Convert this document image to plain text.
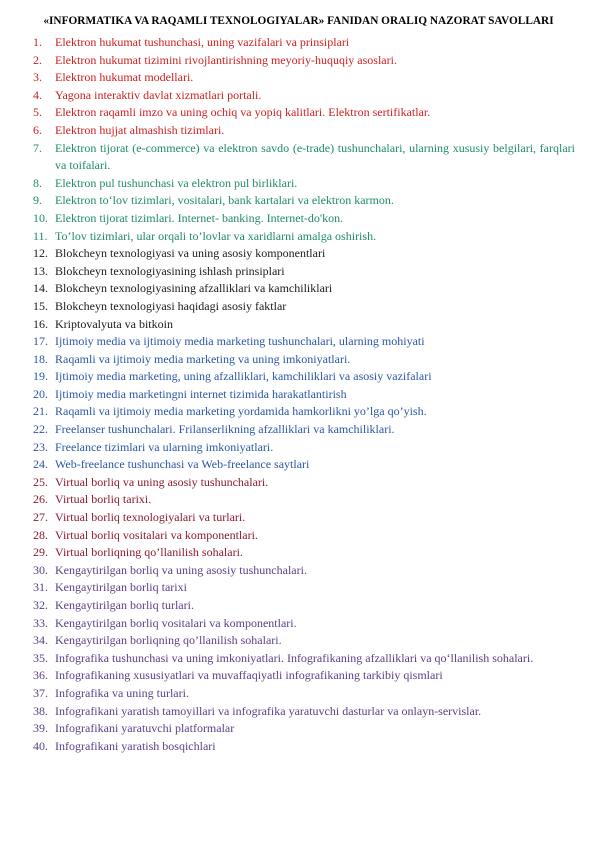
«INFORMATIKA VA RAQAMLI TEXNOLOGIYALAR» FANIDAN ORALIQ NAZORAT SAVOLLARI
1. Elektron hukumat tushunchasi, uning vazifalari va prinsiplari
2. Elektron hukumat tizimini rivojlantirishning meyoriy-huquqiy asoslari.
3. Elektron hukumat modellari.
4. Yagona interaktiv davlat xizmatlari portali.
5. Elektron raqamli imzo va uning ochiq va yopiq kalitlari. Elektron sertifikatlar.
6. Elektron hujjat almashish tizimlari.
7. Elektron tijorat (e-commerce) va elektron savdo (e-trade) tushunchalari, ularning xususiy belgilari, farqlari va toifalari.
8. Elektron pul tushunchasi va elektron pul birliklari.
9. Elektron to‘lov tizimlari, vositalari, bank kartalari va elektron karmon.
10. Elektron tijorat tizimlari. Internet- banking. Internet-do'kon.
11. To’lov tizimlari, ular orqali to’lovlar va xaridlarni amalga oshirish.
12. Blokcheyn texnologiyasi va uning asosiy komponentlari
13. Blokcheyn texnologiyasining ishlash prinsiplari
14. Blokcheyn texnologiyasining afzalliklari va kamchiliklari
15. Blokcheyn texnologiyasi haqidagi asosiy faktlar
16. Kriptovalyuta va bitkoin
17. Ijtimoiy media va ijtimoiy media marketing tushunchalari, ularning mohiyati
18. Raqamli va ijtimoiy media marketing va uning imkoniyatlari.
19. Ijtimoiy media marketing, uning afzalliklari, kamchiliklari va asosiy vazifalari
20. Ijtimoiy media marketingni internet tizimida harakatlantirish
21. Raqamli va ijtimoiy media marketing yordamida hamkorlikni yo’lga qo’yish.
22. Freelanser tushunchalari. Frilanserlikning afzalliklari va kamchiliklari.
23. Freelance tizimlari va ularning imkoniyatlari.
24. Web-freelance tushunchasi va Web-freelance saytlari
25. Virtual borliq va uning asosiy tushunchalari.
26. Virtual borliq tarixi.
27. Virtual borliq texnologiyalari va turlari.
28. Virtual borliq vositalari va komponentlari.
29. Virtual borliqning qo’llanilish sohalari.
30. Kengaytirilgan borliq va uning asosiy tushunchalari.
31. Kengaytirilgan borliq tarixi
32. Kengaytirilgan borliq turlari.
33. Kengaytirilgan borliq vositalari va komponentlari.
34. Kengaytirilgan borliqning qo’llanilish sohalari.
35. Infografika tushunchasi va uning imkoniyatlari. Infografikaning afzalliklari va qo‘llanilish sohalari.
36. Infografikaning xususiyatlari va muvaffaqiyatli infografikaning tarkibiy qismlari
37. Infografika va uning turlari.
38. Infografikani yaratish tamoyillari va infografika yaratuvchi dasturlar va onlayn-servislar.
39. Infografikani yaratuvchi platformalar
40. Infografikani yaratish bosqichlari
